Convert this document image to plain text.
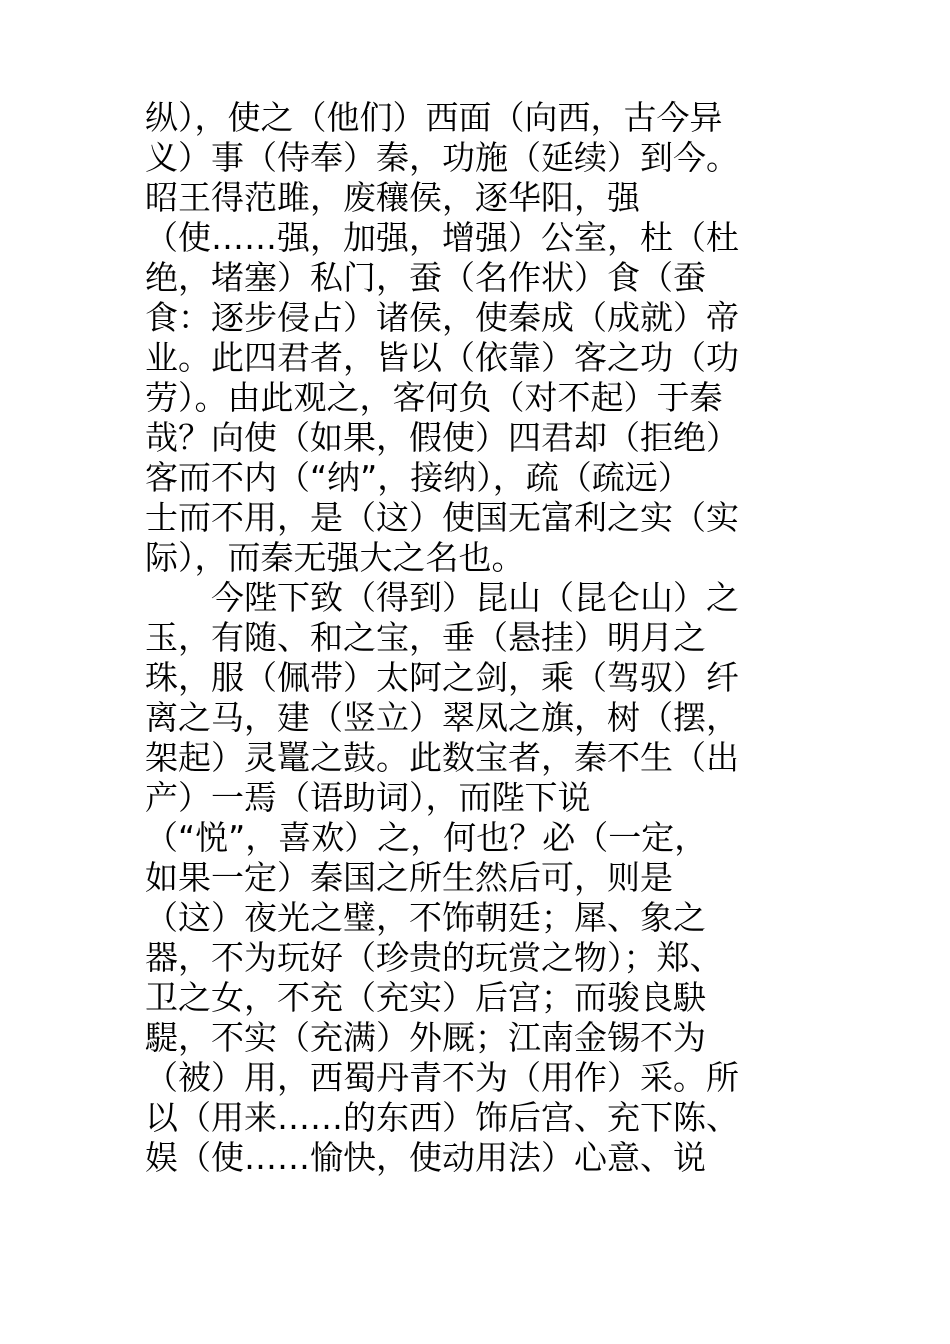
纵），使之（他们）西面（向西，古今异
义）事（侍奉）秦，功施（延续）到今。
昭王得范雎，废穰侯，逐华阳，强
（使……强，加强，增强）公室，杜（杜
绝，堵塞）私门，蚕（名作状）食（蚕
食：逐步侵占）诸侯，使秦成（成就）帝
业。此四君者，皆以（依靠）客之功（功
劳）。由此观之，客何负（对不起）于秦
哉？向使（如果，假使）四君却（拒绝）
客而不内（“纳”，接纳），疏（疏远）
士而不用，是（这）使国无富利之实（实
际），而秦无强大之名也。
　　今陛下致（得到）昆山（昆仑山）之
玉，有随、和之宝，垂（悬挂）明月之
珠，服（佩带）太阿之剑，乘（驾驭）纤
离之马，建（竖立）翠凤之旗，树（摆，
架起）灵鼍之鼓。此数宝者，秦不生（出
产）一焉（语助词），而陛下说
（“悦”，喜欢）之，何也？必（一定，
如果一定）秦国之所生然后可，则是
（这）夜光之璧，不饰朝廷；犀、象之
器，不为玩好（珍贵的玩赏之物）；郑、
卫之女，不充（充实）后宫；而骏良駃
騠，不实（充满）外厩；江南金锡不为
（被）用，西蜀丹青不为（用作）采。所
以（用来……的东西）饰后宫、充下陈、
娱（使……愉快，使动用法）心意、说
